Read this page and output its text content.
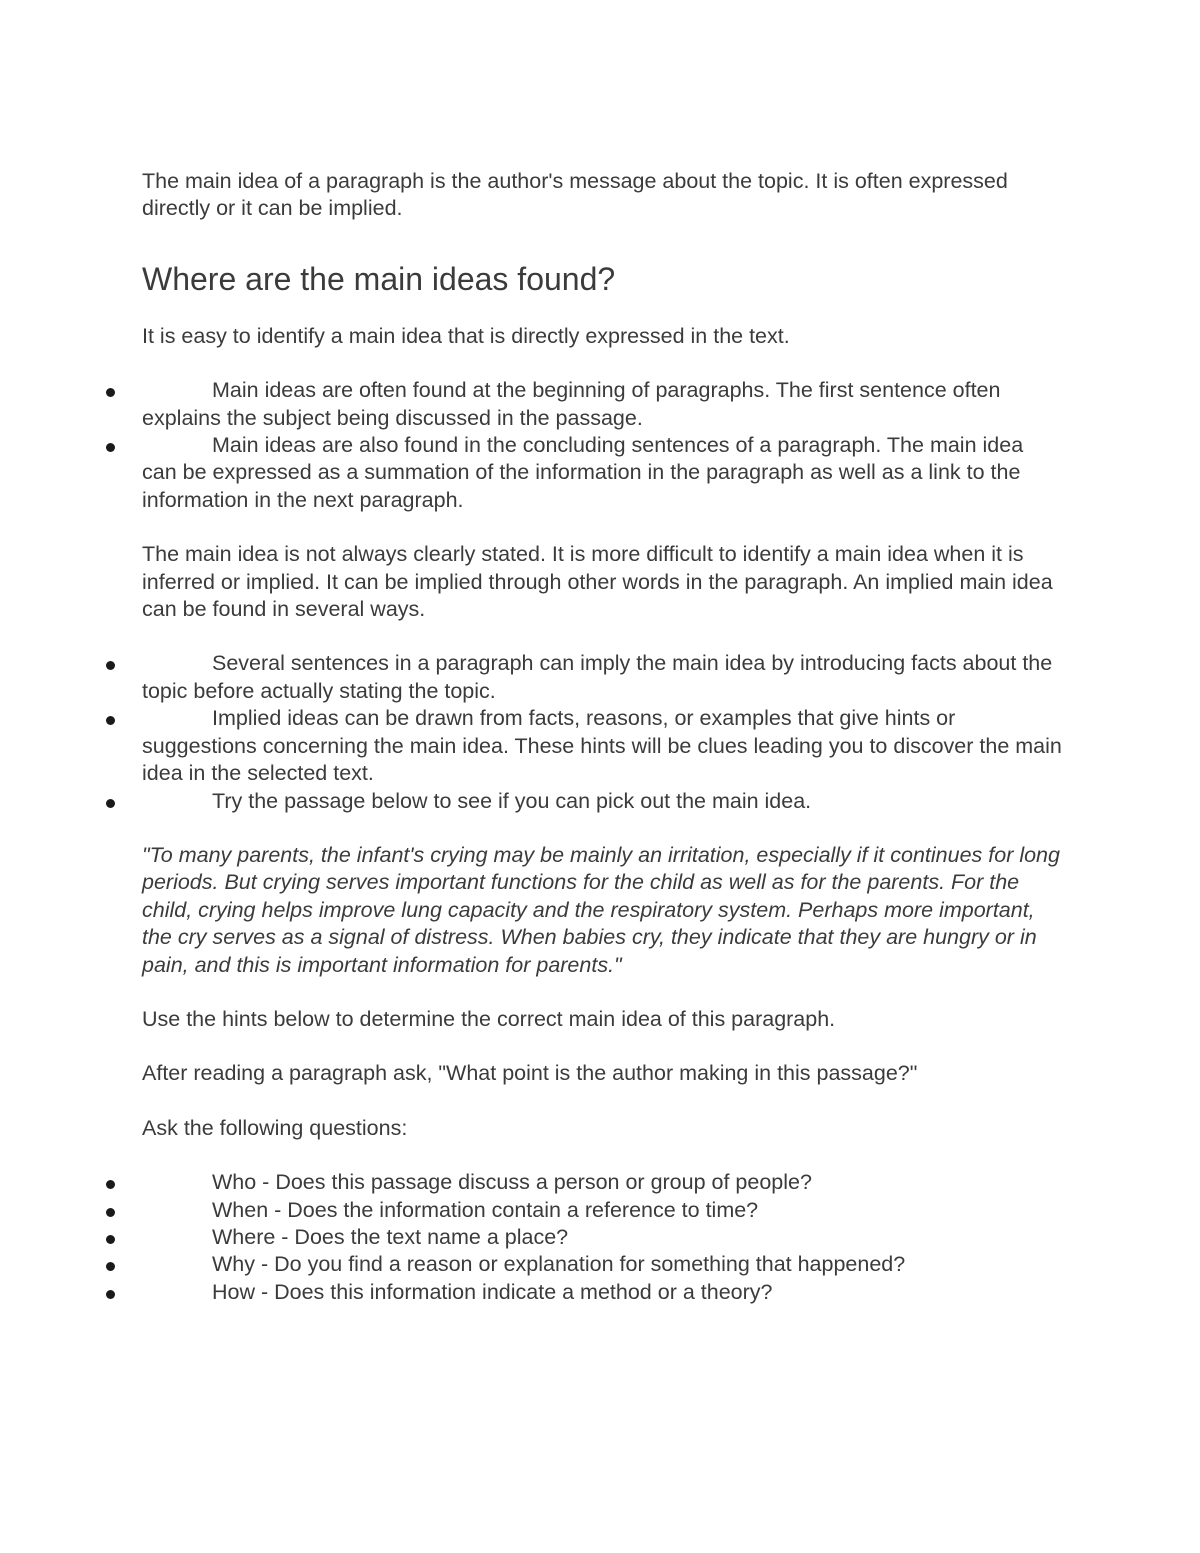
The main idea of a paragraph is the author's message about the topic. It is often expressed directly or it can be implied.

Where are the main ideas found?

It is easy to identify a main idea that is directly expressed in the text.

Main ideas are often found at the beginning of paragraphs. The first sentence often explains the subject being discussed in the passage.
Main ideas are also found in the concluding sentences of a paragraph. The main idea can be expressed as a summation of the information in the paragraph as well as a link to the information in the next paragraph.

The main idea is not always clearly stated. It is more difficult to identify a main idea when it is inferred or implied. It can be implied through other words in the paragraph. An implied main idea can be found in several ways.

Several sentences in a paragraph can imply the main idea by introducing facts about the topic before actually stating the topic.
Implied ideas can be drawn from facts, reasons, or examples that give hints or suggestions concerning the main idea. These hints will be clues leading you to discover the main idea in the selected text.
Try the passage below to see if you can pick out the main idea.

"To many parents, the infant's crying may be mainly an irritation, especially if it continues for long periods. But crying serves important functions for the child as well as for the parents. For the child, crying helps improve lung capacity and the respiratory system. Perhaps more important, the cry serves as a signal of distress. When babies cry, they indicate that they are hungry or in pain, and this is important information for parents."

Use the hints below to determine the correct main idea of this paragraph.

After reading a paragraph ask, "What point is the author making in this passage?"

Ask the following questions:

Who - Does this passage discuss a person or group of people?
When - Does the information contain a reference to time?
Where - Does the text name a place?
Why - Do you find a reason or explanation for something that happened?
How - Does this information indicate a method or a theory?
